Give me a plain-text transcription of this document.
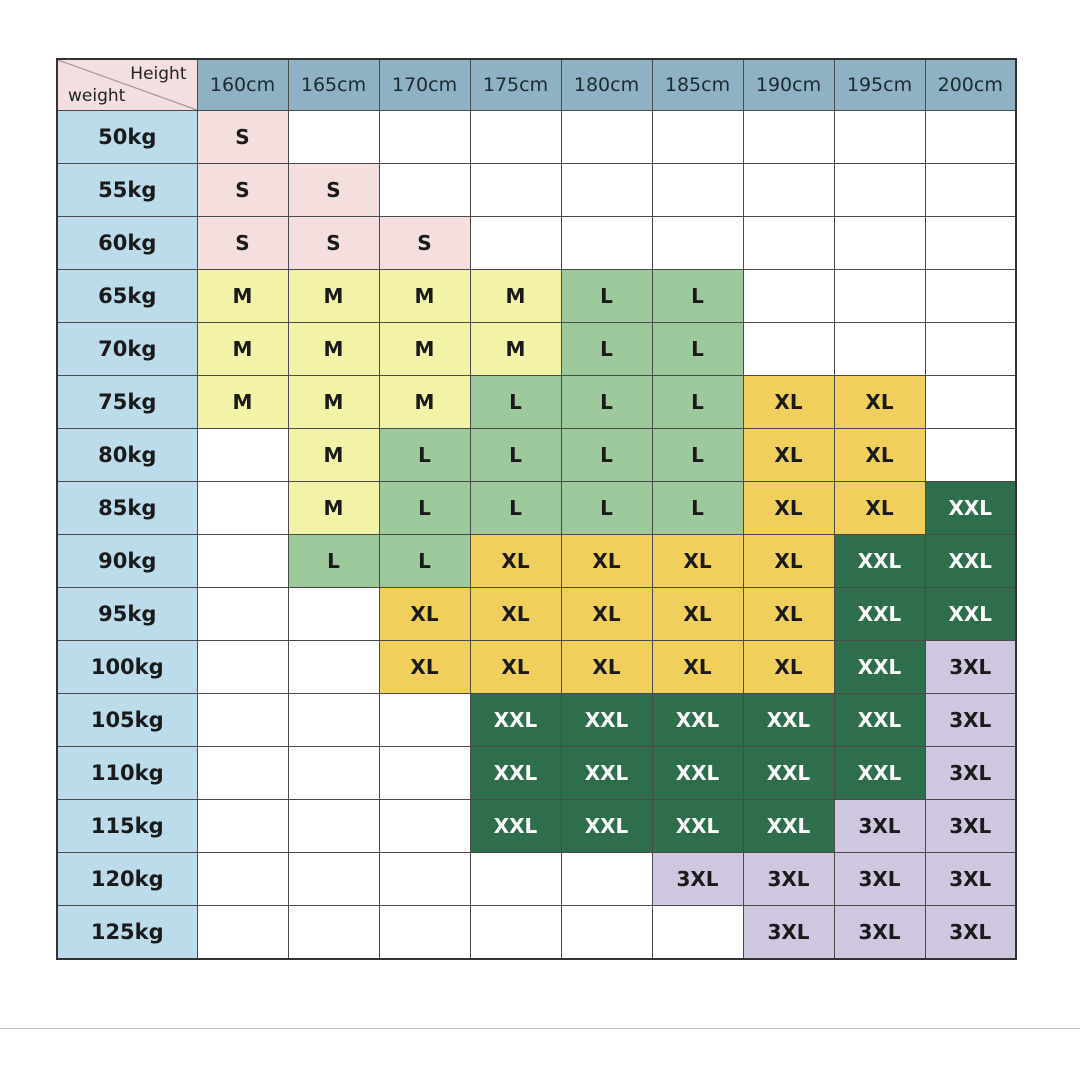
Height
weight	160cm	165cm	170cm	175cm	180cm	185cm	190cm	195cm	200cm
50kg	S								
55kg	S	S							
60kg	S	S	S						
65kg	M	M	M	M	L	L			
70kg	M	M	M	M	L	L			
75kg	M	M	M	L	L	L	XL	XL	
80kg		M	L	L	L	L	XL	XL	
85kg		M	L	L	L	L	XL	XL	XXL
90kg		L	L	XL	XL	XL	XL	XXL	XXL
95kg			XL	XL	XL	XL	XL	XXL	XXL
100kg			XL	XL	XL	XL	XL	XXL	3XL
105kg				XXL	XXL	XXL	XXL	XXL	3XL
110kg				XXL	XXL	XXL	XXL	XXL	3XL
115kg				XXL	XXL	XXL	XXL	3XL	3XL
120kg						3XL	3XL	3XL	3XL
125kg							3XL	3XL	3XL
